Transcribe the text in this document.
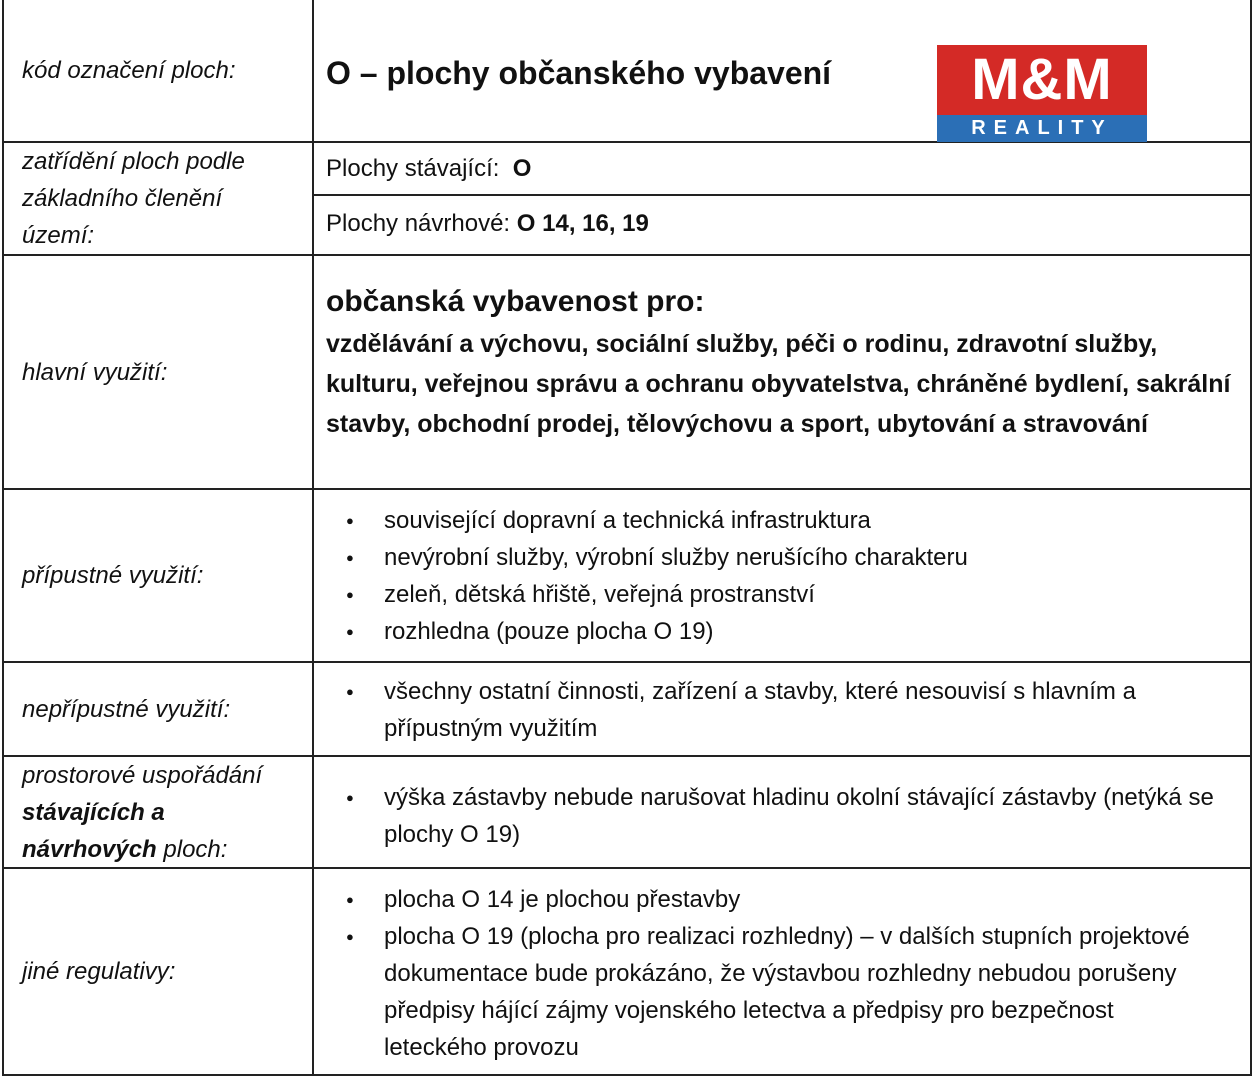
kód označení ploch:	O – plochy občanského vybavení	M&M
REALITY
zatřídění ploch podle základního členění území:
Plochy stávající:
O
Plochy návrhové:
O 14, 16, 19
hlavní využití:
občanská vybavenost pro:
vzdělávání a výchovu, sociální služby, péči o rodinu, zdravotní služby, kulturu, veřejnou správu a ochranu obyvatelstva, chráněné bydlení, sakrální stavby, obchodní prodej, tělovýchovu a sport, ubytování a stravování
přípustné využití:
● související dopravní a technická infrastruktura
● nevýrobní služby, výrobní služby nerušícího charakteru
● zeleň, dětská hřiště, veřejná prostranství
● rozhledna (pouze plocha O 19)
nepřípustné využití:
● všechny ostatní činnosti, zařízení a stavby, které nesouvisí s hlavním a přípustným využitím
prostorové uspořádání
stávajících a
návrhových ploch:
● výška zástavby nebude narušovat hladinu okolní stávající zástavby (netýká se plochy O 19)
jiné regulativy:
● plocha O 14 je plochou přestavby
● plocha O 19 (plocha pro realizaci rozhledny) – v dalších stupních projektové dokumentace bude prokázáno, že výstavbou rozhledny nebudou porušeny předpisy hájící zájmy vojenského letectva a předpisy pro bezpečnost leteckého provozu
